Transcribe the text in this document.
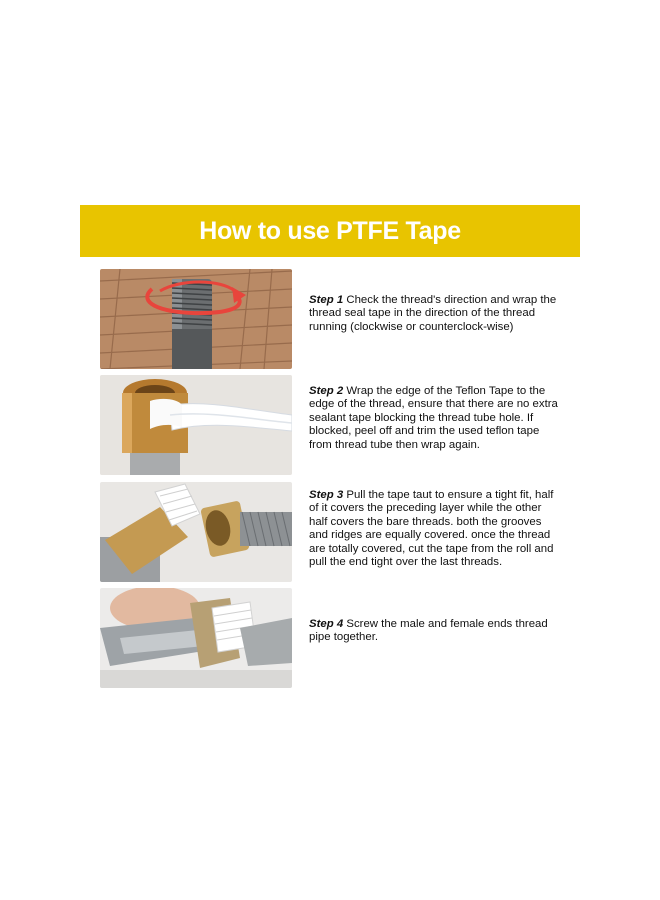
How to use PTFE Tape
Step 1 Check the thread's direction and wrap the thread seal tape in the direction of the thread running (clockwise or counterclock-wise)
Step 2 Wrap the edge of the Teflon Tape to the edge of the thread, ensure that there are no extra sealant tape blocking the thread tube hole. If blocked, peel off and trim the used teflon tape from thread tube then wrap again.
Step 3 Pull the tape taut to ensure a tight fit, half of it covers the preceding layer while the other half covers the bare threads. both the grooves and ridges are equally covered. once the thread are totally covered, cut the tape from the roll and pull the end tight over the last threads.
Step 4 Screw the male and female ends thread pipe together.
